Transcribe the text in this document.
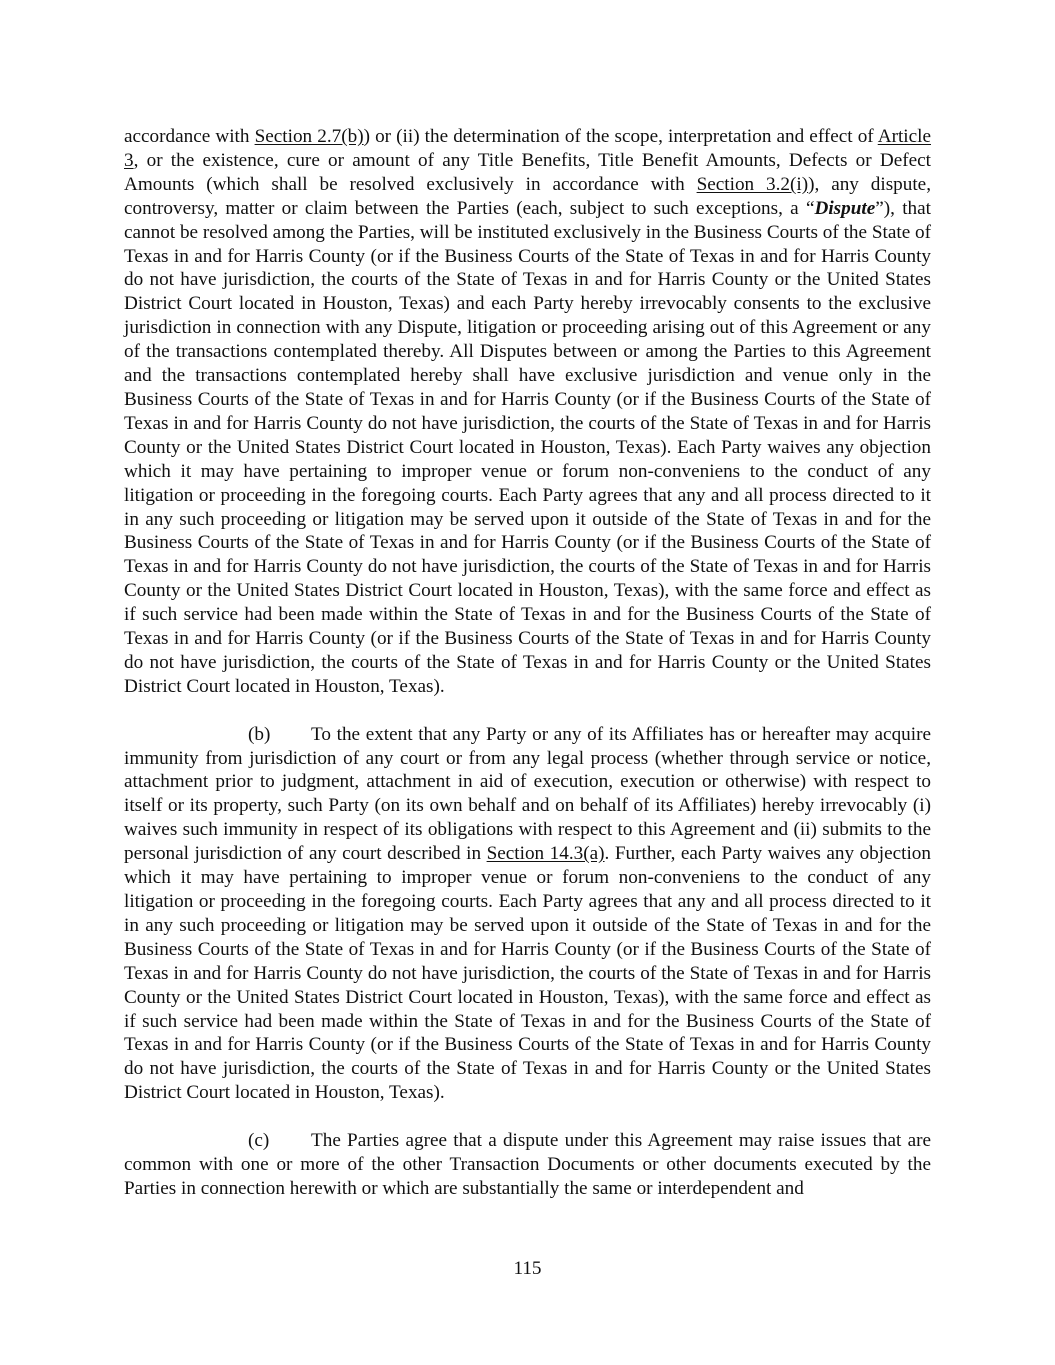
accordance with Section 2.7(b)) or (ii) the determination of the scope, interpretation and effect of Article 3, or the existence, cure or amount of any Title Benefits, Title Benefit Amounts, Defects or Defect Amounts (which shall be resolved exclusively in accordance with Section 3.2(i)), any dispute, controversy, matter or claim between the Parties (each, subject to such exceptions, a “Dispute”), that cannot be resolved among the Parties, will be instituted exclusively in the Business Courts of the State of Texas in and for Harris County (or if the Business Courts of the State of Texas in and for Harris County do not have jurisdiction, the courts of the State of Texas in and for Harris County or the United States District Court located in Houston, Texas) and each Party hereby irrevocably consents to the exclusive jurisdiction in connection with any Dispute, litigation or proceeding arising out of this Agreement or any of the transactions contemplated thereby. All Disputes between or among the Parties to this Agreement and the transactions contemplated hereby shall have exclusive jurisdiction and venue only in the Business Courts of the State of Texas in and for Harris County (or if the Business Courts of the State of Texas in and for Harris County do not have jurisdiction, the courts of the State of Texas in and for Harris County or the United States District Court located in Houston, Texas). Each Party waives any objection which it may have pertaining to improper venue or forum non-conveniens to the conduct of any litigation or proceeding in the foregoing courts. Each Party agrees that any and all process directed to it in any such proceeding or litigation may be served upon it outside of the State of Texas in and for the Business Courts of the State of Texas in and for Harris County (or if the Business Courts of the State of Texas in and for Harris County do not have jurisdiction, the courts of the State of Texas in and for Harris County or the United States District Court located in Houston, Texas), with the same force and effect as if such service had been made within the State of Texas in and for the Business Courts of the State of Texas in and for Harris County (or if the Business Courts of the State of Texas in and for Harris County do not have jurisdiction, the courts of the State of Texas in and for Harris County or the United States District Court located in Houston, Texas).

(b) To the extent that any Party or any of its Affiliates has or hereafter may acquire immunity from jurisdiction of any court or from any legal process (whether through service or notice, attachment prior to judgment, attachment in aid of execution, execution or otherwise) with respect to itself or its property, such Party (on its own behalf and on behalf of its Affiliates) hereby irrevocably (i) waives such immunity in respect of its obligations with respect to this Agreement and (ii) submits to the personal jurisdiction of any court described in Section 14.3(a). Further, each Party waives any objection which it may have pertaining to improper venue or forum non-conveniens to the conduct of any litigation or proceeding in the foregoing courts. Each Party agrees that any and all process directed to it in any such proceeding or litigation may be served upon it outside of the State of Texas in and for the Business Courts of the State of Texas in and for Harris County (or if the Business Courts of the State of Texas in and for Harris County do not have jurisdiction, the courts of the State of Texas in and for Harris County or the United States District Court located in Houston, Texas), with the same force and effect as if such service had been made within the State of Texas in and for the Business Courts of the State of Texas in and for Harris County (or if the Business Courts of the State of Texas in and for Harris County do not have jurisdiction, the courts of the State of Texas in and for Harris County or the United States District Court located in Houston, Texas).

(c) The Parties agree that a dispute under this Agreement may raise issues that are common with one or more of the other Transaction Documents or other documents executed by the Parties in connection herewith or which are substantially the same or interdependent and

115
